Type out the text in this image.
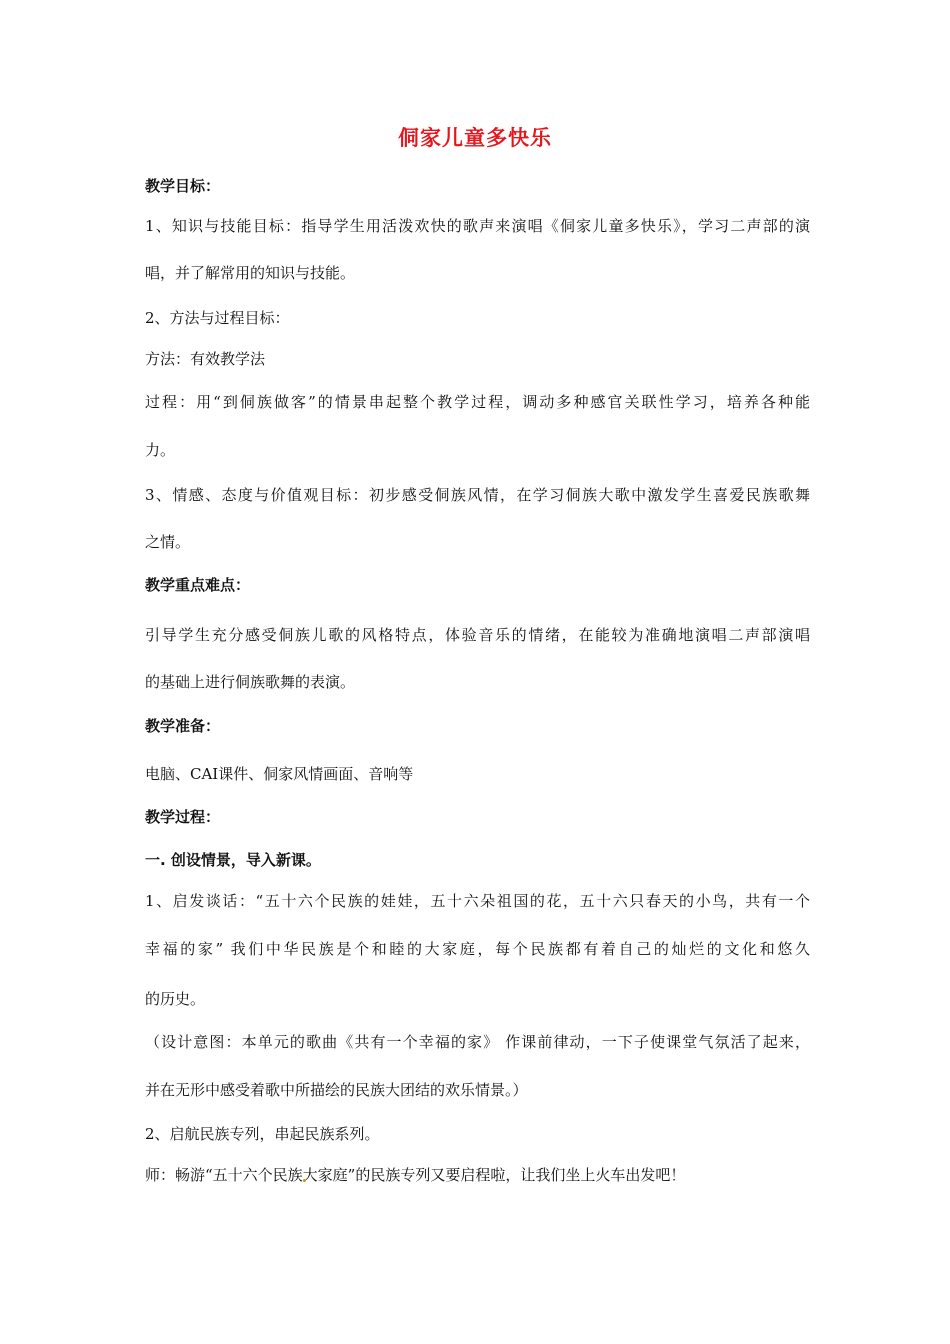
侗家儿童多快乐
教学目标：
1、知识与技能目标：指导学生用活泼欢快的歌声来演唱《侗家儿童多快乐》，学习二声部的演
唱，并了解常用的知识与技能。
2、方法与过程目标：
方法：有效教学法
过程：用“到侗族做客”的情景串起整个教学过程，调动多种感官关联性学习，培养各种能
力。
3、情感、态度与价值观目标：初步感受侗族风情，在学习侗族大歌中激发学生喜爱民族歌舞
之情。
教学重点难点：
引导学生充分感受侗族儿歌的风格特点，体验音乐的情绪，在能较为准确地演唱二声部演唱
的基础上进行侗族歌舞的表演。
教学准备：
电脑、CAI课件、侗家风情画面、音响等
教学过程：
一. 创设情景，导入新课。
1、启发谈话：“五十六个民族的娃娃，五十六朵祖国的花，五十六只春天的小鸟，共有一个
幸福的家” 我们中华民族是个和睦的大家庭，每个民族都有着自己的灿烂的文化和悠久
的历史。
（设计意图：本单元的歌曲《共有一个幸福的家》 作课前律动，一下子使课堂气氛活了起来，
并在无形中感受着歌中所描绘的民族大团结的欢乐情景。）
2、启航民族专列，串起民族系列。
师：畅游“五十六个民族大家庭”的民族专列又要启程啦，让我们坐上火车出发吧！
